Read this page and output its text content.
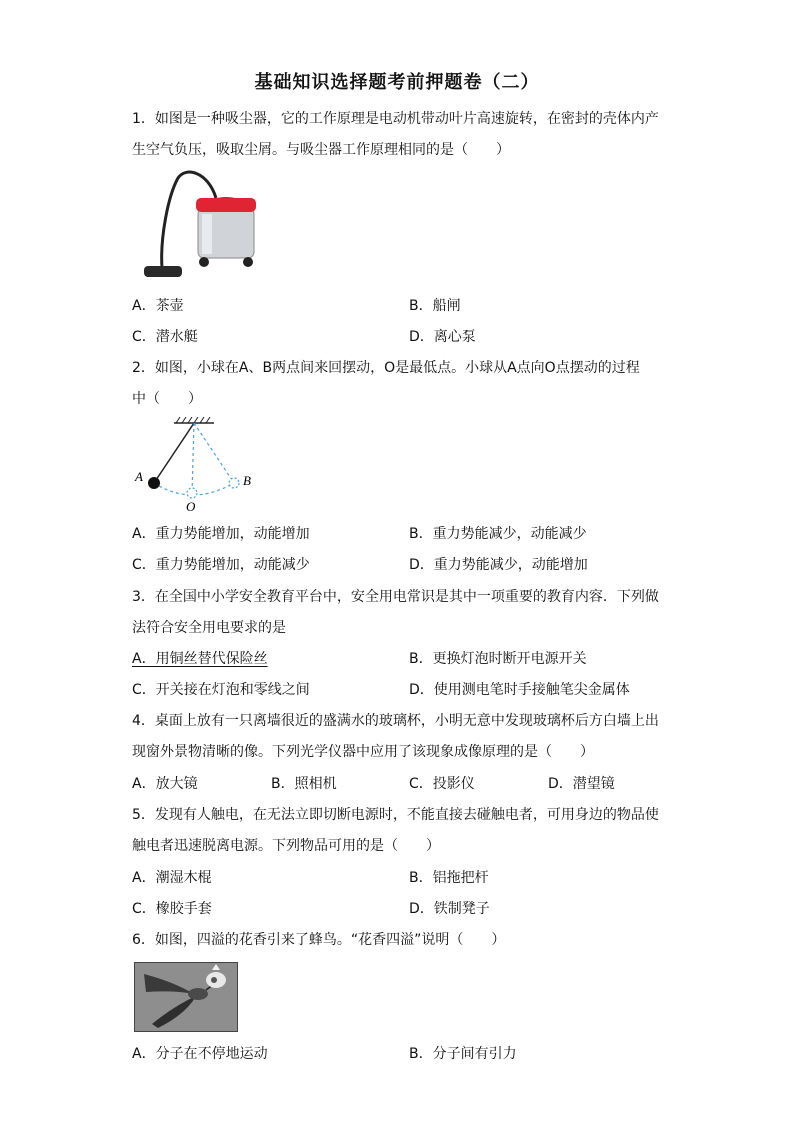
基础知识选择题考前押题卷（二）
1．如图是一种吸尘器，它的工作原理是电动机带动叶片高速旋转，在密封的壳体内产
生空气负压，吸取尘屑。与吸尘器工作原理相同的是（　　）
A．茶壶	B．船闸
C．潜水艇	D．离心泵
2．如图，小球在A、B两点间来回摆动，O是最低点。小球从A点向O点摆动的过程
中（　　）
A	B
O
A．重力势能增加，动能增加	B．重力势能减少，动能减少
C．重力势能增加，动能减少	D．重力势能减少，动能增加
3．在全国中小学安全教育平台中，安全用电常识是其中一项重要的教育内容．下列做
法符合安全用电要求的是
A．用铜丝替代保险丝	B．更换灯泡时断开电源开关
C．开关接在灯泡和零线之间	D．使用测电笔时手接触笔尖金属体
4．桌面上放有一只离墙很近的盛满水的玻璃杯，小明无意中发现玻璃杯后方白墙上出
现窗外景物清晰的像。下列光学仪器中应用了该现象成像原理的是（　　）
A．放大镜	B．照相机	C．投影仪	D．潜望镜
5．发现有人触电，在无法立即切断电源时，不能直接去碰触电者，可用身边的物品使
触电者迅速脱离电源。下列物品可用的是（　　）
A．潮湿木棍	B．铝拖把杆
C．橡胶手套	D．铁制凳子
6．如图，四溢的花香引来了蜂鸟。“花香四溢”说明（　　）
A．分子在不停地运动	B．分子间有引力
